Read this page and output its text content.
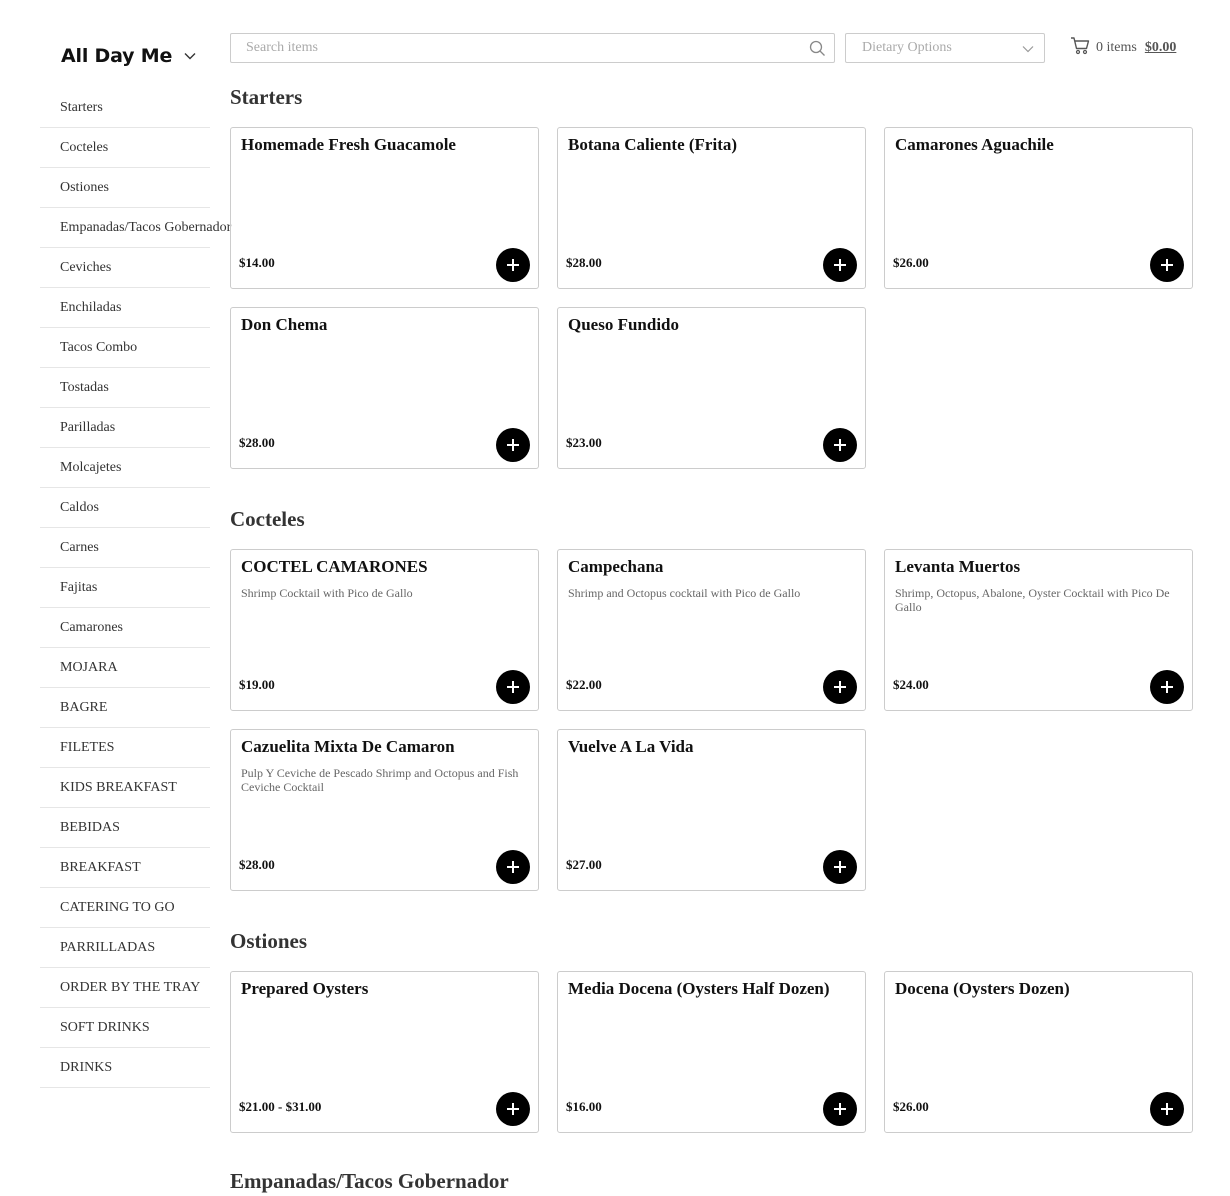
All Day Me
Starters
Cocteles
Ostiones
Empanadas/Tacos Gobernador
Ceviches
Enchiladas
Tacos Combo
Tostadas
Parilladas
Molcajetes
Caldos
Carnes
Fajitas
Camarones
MOJARA
BAGRE
FILETES
KIDS BREAKFAST
BEBIDAS
BREAKFAST
CATERING TO GO
PARRILLADAS
ORDER BY THE TRAY
SOFT DRINKS
DRINKS
Search items
Dietary Options	0 items $0.00
Starters
Homemade Fresh Guacamole
$14.00
Botana Caliente (Frita)
$28.00
Camarones Aguachile
$26.00
Don Chema
$28.00
Queso Fundido
$23.00
Cocteles
COCTEL CAMARONES
Shrimp Cocktail with Pico de Gallo
$19.00
Campechana
Shrimp and Octopus cocktail with Pico de Gallo
$22.00
Levanta Muertos
Shrimp, Octopus, Abalone, Oyster Cocktail with Pico De Gallo
$24.00
Cazuelita Mixta De Camaron
Pulp Y Ceviche de Pescado Shrimp and Octopus and Fish Ceviche Cocktail
$28.00
Vuelve A La Vida
$27.00
Ostiones
Prepared Oysters
$21.00 - $31.00
Media Docena (Oysters Half Dozen)
$16.00
Docena (Oysters Dozen)
$26.00
Empanadas/Tacos Gobernador
